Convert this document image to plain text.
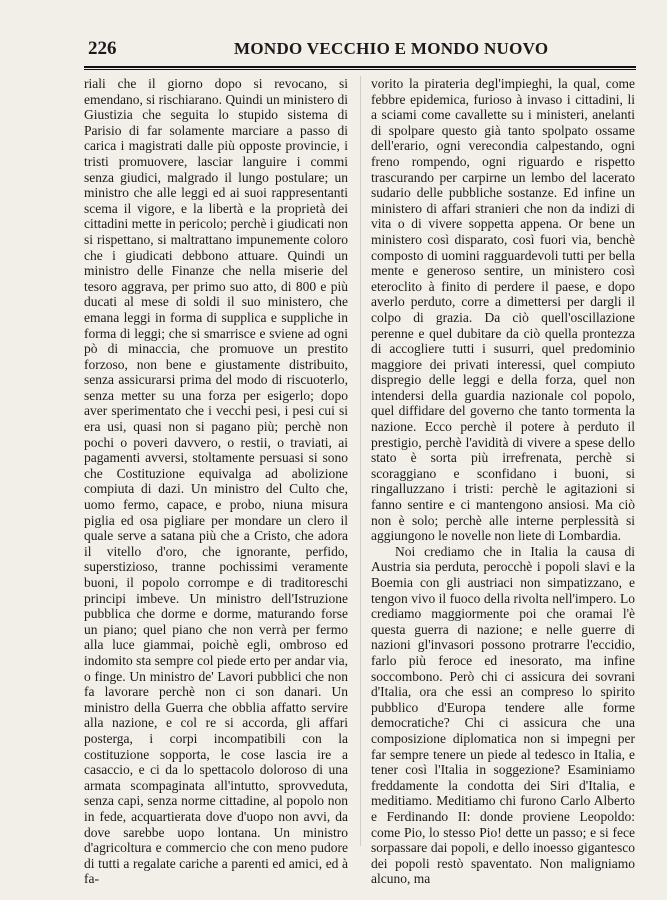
226	MONDO VECCHIO E MONDO NUOVO

riali che il giorno dopo si revocano, si emendano, si rischiarano. Quindi un ministero di Giustizia che seguita lo stupido sistema di Parisio di far solamente marciare a passo di carica i magistrati dalle più opposte provincie, i tristi promuovere, lasciar languire i commi senza giudici, malgrado il lungo postulare; un ministro che alle leggi ed ai suoi rappresentanti scema il vigore, e la libertà e la proprietà dei cittadini mette in pericolo; perchè i giudicati non si rispettano, si maltrattano impunemente coloro che i giudicati debbono attuare. Quindi un ministro delle Finanze che nella miserie del tesoro aggrava, per primo suo atto, di 800 e più ducati al mese di soldi il suo ministero, che emana leggi in forma di supplica e suppliche in forma di leggi; che si smarrisce e sviene ad ogni pò di minaccia, che promuove un prestito forzoso, non bene e giustamente distribuito, senza assicurarsi prima del modo di riscuoterlo, senza metter su una forza per esigerlo; dopo aver sperimentato che i vecchi pesi, i pesi cui si era usi, quasi non si pagano più; perchè non pochi o poveri davvero, o restii, o traviati, ai pagamenti avversi, stoltamente persuasi si sono che Costituzione equivalga ad abolizione compiuta di dazi. Un ministro del Culto che, uomo fermo, capace, e probo, niuna misura piglia ed osa pigliare per mondare un clero il quale serve a satana più che a Cristo, che adora il vitello d'oro, che ignorante, perfido, superstizioso, tranne pochissimi veramente buoni, il popolo corrompe e di traditoreschi principi imbeve. Un ministro dell'Istruzione pubblica che dorme e dorme, maturando forse un piano; quel piano che non verrà per fermo alla luce giammai, poichè egli, ombroso ed indomito sta sempre col piede erto per andar via, o finge. Un ministro de' Lavori pubblici che non fa lavorare perchè non ci son danari. Un ministro della Guerra che obblia affatto servire alla nazione, e col re si accorda, gli affari posterga, i corpi incompatibili con la costituzione sopporta, le cose lascia ire a casaccio, e ci da lo spettacolo doloroso di una armata scompaginata all'intutto, sprovveduta, senza capi, senza norme cittadine, al popolo non in fede, acquartierata dove d'uopo non avvi, da dove sarebbe uopo lontana. Un ministro d'agricoltura e commercio che con meno pudore di tutti a regalate cariche a parenti ed amici, ed à fa-

vorito la pirateria degl'impieghi, la qual, come febbre epidemica, furioso à invaso i cittadini, li a sciami come cavallette su i ministeri, anelanti di spolpare questo già tanto spolpato ossame dell'erario, ogni verecondia calpestando, ogni freno rompendo, ogni riguardo e rispetto trascurando per carpirne un lembo del lacerato sudario delle pubbliche sostanze. Ed infine un ministero di affari stranieri che non da indizi di vita o di vivere soppetta appena. Or bene un ministero così disparato, così fuori via, benchè composto di uomini ragguardevoli tutti per bella mente e generoso sentire, un ministero così eteroclito à finito di perdere il paese, e dopo averlo perduto, corre a dimettersi per dargli il colpo di grazia. Da ciò quell'oscillazione perenne e quel dubitare da ciò quella prontezza di accogliere tutti i susurri, quel predominio maggiore dei privati interessi, quel compiuto dispregio delle leggi e della forza, quel non intendersi della guardia nazionale col popolo, quel diffidare del governo che tanto tormenta la nazione. Ecco perchè il potere à perduto il prestigio, perchè l'avidità di vivere a spese dello stato è sorta più irrefrenata, perchè si scoraggiano e sconfidano i buoni, si ringalluzzano i tristi: perchè le agitazioni si fanno sentire e ci mantengono ansiosi. Ma ciò non è solo; perchè alle interne perplessità si aggiungono le novelle non liete di Lombardia.

Noi crediamo che in Italia la causa di Austria sia perduta, perocchè i popoli slavi e la Boemia con gli austriaci non simpatizzano, e tengon vivo il fuoco della rivolta nell'impero. Lo crediamo maggiormente poi che oramai l'è questa guerra di nazione; e nelle guerre di nazioni gl'invasori possono protrarre l'eccidio, farlo più feroce ed inesorato, ma infine soccombono. Però chi ci assicura dei sovrani d'Italia, ora che essi an compreso lo spirito pubblico d'Europa tendere alle forme democratiche? Chi ci assicura che una composizione diplomatica non si impegni per far sempre tenere un piede al tedesco in Italia, e tener così l'Italia in soggezione? Esaminiamo freddamente la condotta dei Siri d'Italia, e meditiamo. Meditiamo chi furono Carlo Alberto e Ferdinando II: donde proviene Leopoldo: come Pio, lo stesso Pio! dette un passo; e si fece sorpassare dai popoli, e dello inoesso gigantesco dei popoli restò spaventato. Non maligniamo alcuno, ma
